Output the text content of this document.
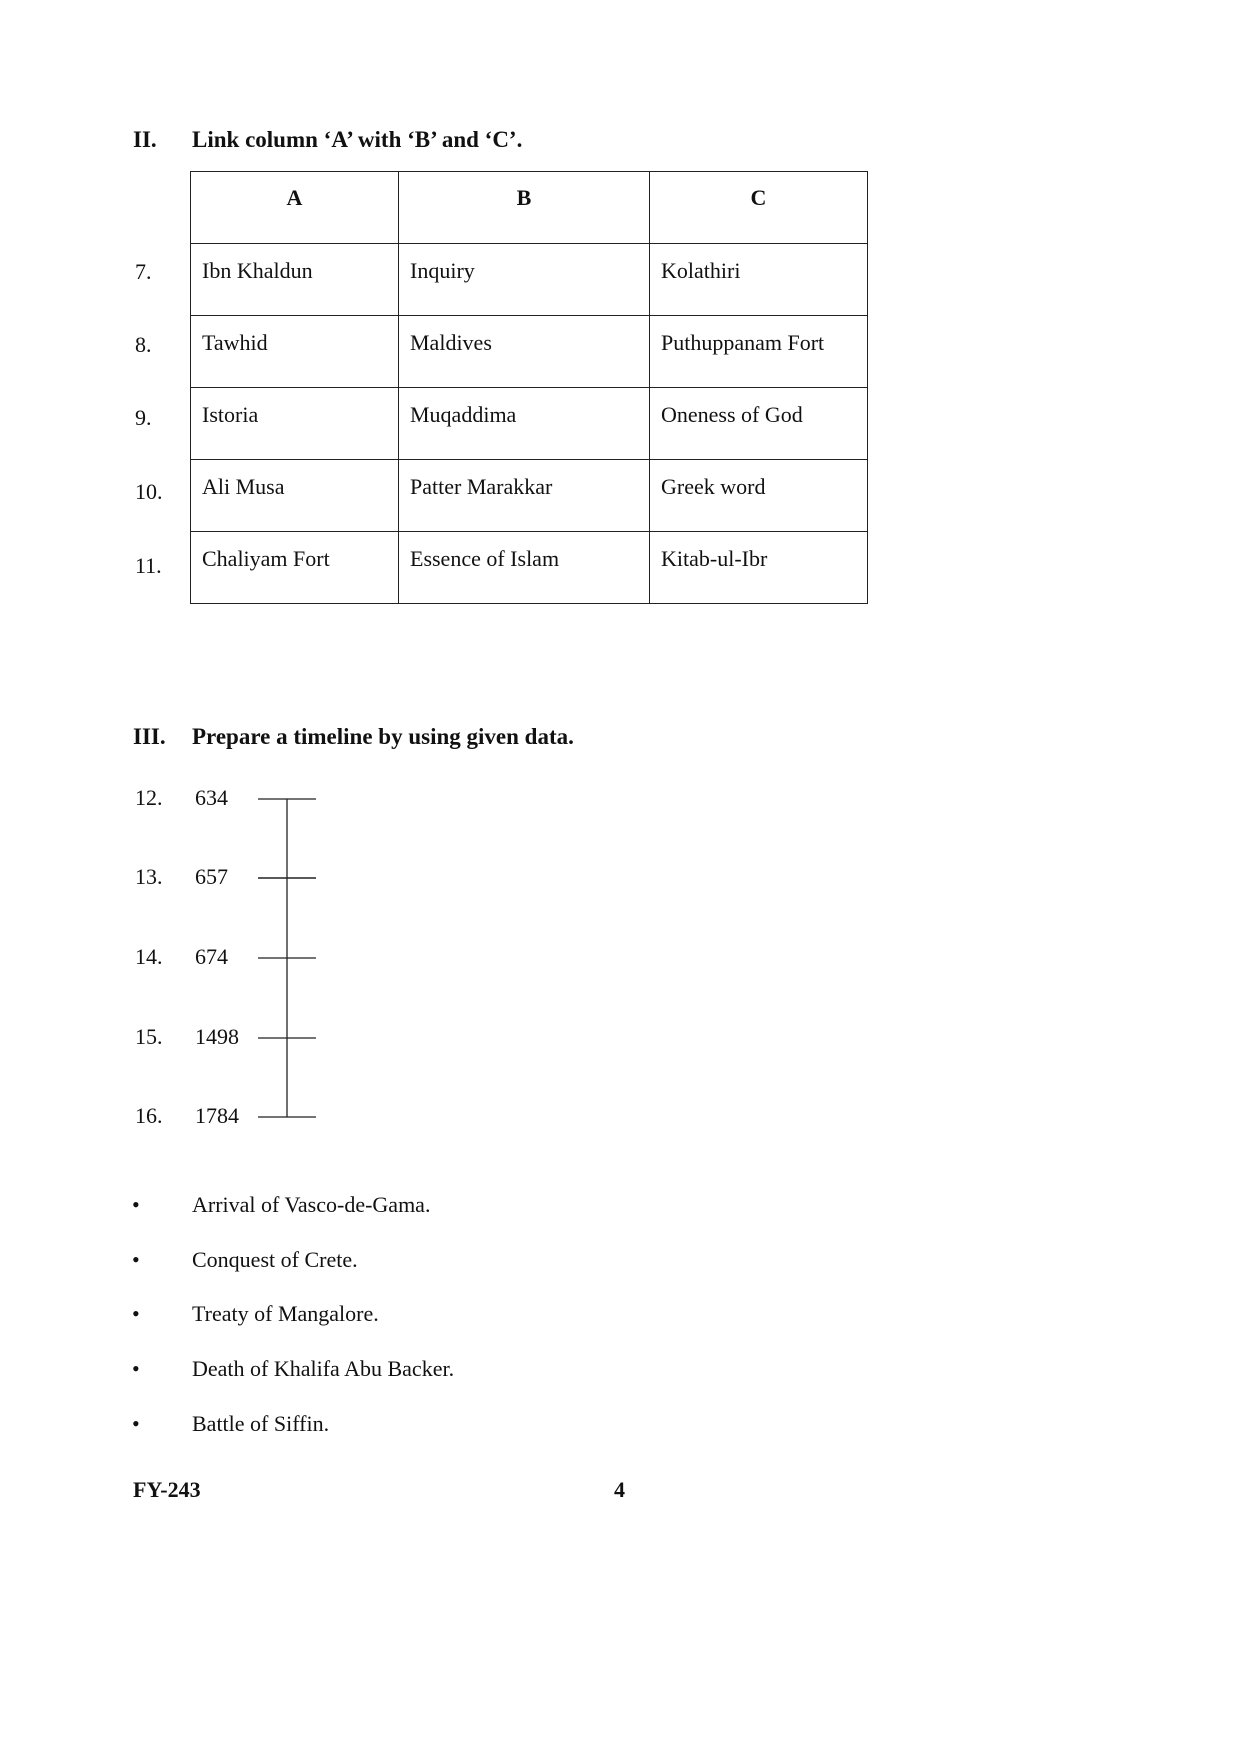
II. Link column ‘A’ with ‘B’ and ‘C’.
A	B	C
Ibn Khaldun	Inquiry	Kolathiri
Tawhid	Maldives	Puthuppanam Fort
Istoria	Muqaddima	Oneness of God
Ali Musa	Patter Marakkar	Greek word
Chaliyam Fort	Essence of Islam	Kitab-ul-Ibr
7.
8.
9.
10.
11.
III. Prepare a timeline by using given data.
12. 634
13. 657
14. 674
15. 1498
16. 1784
• Arrival of Vasco-de-Gama.
• Conquest of Crete.
• Treaty of Mangalore.
• Death of Khalifa Abu Backer.
• Battle of Siffin.
FY-243	4
